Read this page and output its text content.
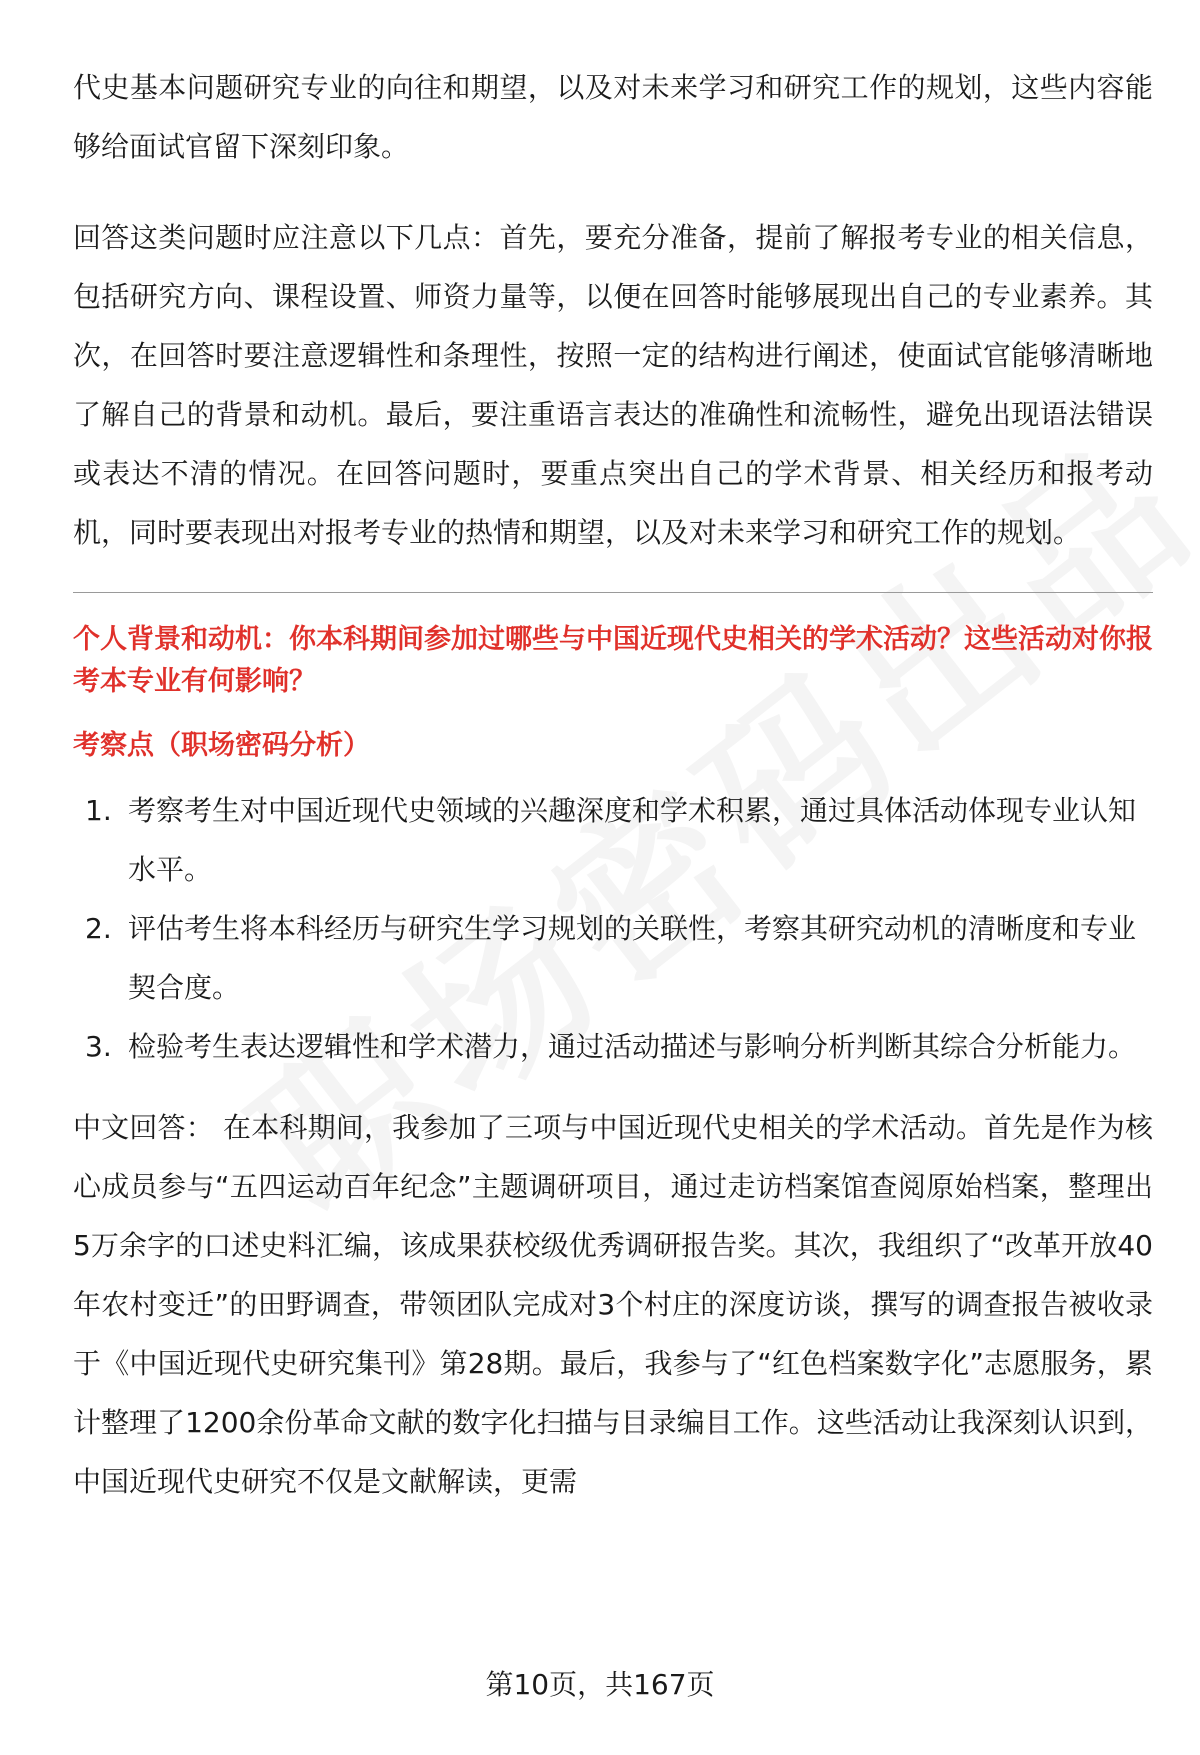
代史基本问题研究专业的向往和期望，以及对未来学习和研究工作的规划，这些内容能够给面试官留下深刻印象。

回答这类问题时应注意以下几点：首先，要充分准备，提前了解报考专业的相关信息，包括研究方向、课程设置、师资力量等，以便在回答时能够展现出自己的专业素养。其次，在回答时要注意逻辑性和条理性，按照一定的结构进行阐述，使面试官能够清晰地了解自己的背景和动机。最后，要注重语言表达的准确性和流畅性，避免出现语法错误或表达不清的情况。在回答问题时，要重点突出自己的学术背景、相关经历和报考动机，同时要表现出对报考专业的热情和期望，以及对未来学习和研究工作的规划。

个人背景和动机：你本科期间参加过哪些与中国近现代史相关的学术活动？这些活动对你报考本专业有何影响？

考察点（职场密码分析）

1. 考察考生对中国近现代史领域的兴趣深度和学术积累，通过具体活动体现专业认知水平。
2. 评估考生将本科经历与研究生学习规划的关联性，考察其研究动机的清晰度和专业契合度。
3. 检验考生表达逻辑性和学术潜力，通过活动描述与影响分析判断其综合分析能力。

中文回答： 在本科期间，我参加了三项与中国近现代史相关的学术活动。首先是作为核心成员参与“五四运动百年纪念”主题调研项目，通过走访档案馆查阅原始档案，整理出5万余字的口述史料汇编，该成果获校级优秀调研报告奖。其次，我组织了“改革开放40年农村变迁”的田野调查，带领团队完成对3个村庄的深度访谈，撰写的调查报告被收录于《中国近现代史研究集刊》第28期。最后，我参与了“红色档案数字化”志愿服务，累计整理了1200余份革命文献的数字化扫描与目录编目工作。这些活动让我深刻认识到，中国近现代史研究不仅是文献解读，更需

第10页，共167页
